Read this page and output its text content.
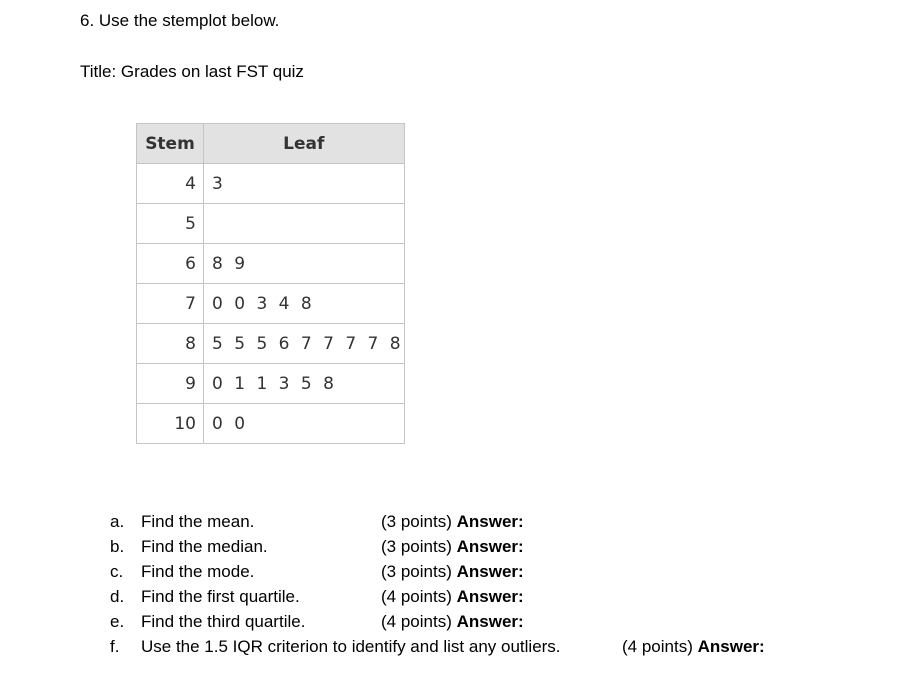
6. Use the stemplot below.
Title: Grades on last FST quiz
Stem	Leaf
4	3
5	
6	8 9
7	0 0 3 4 8
8	5 5 5 6 7 7 7 7 8
9	0 1 1 3 5 8
10	0 0
a. Find the mean.	(3 points) Answer:
b. Find the median.	(3 points) Answer:
c. Find the mode.	(3 points) Answer:
d. Find the first quartile.	(4 points) Answer:
e. Find the third quartile.	(4 points) Answer:
f. Use the 1.5 IQR criterion to identify and list any outliers.	(4 points) Answer:
